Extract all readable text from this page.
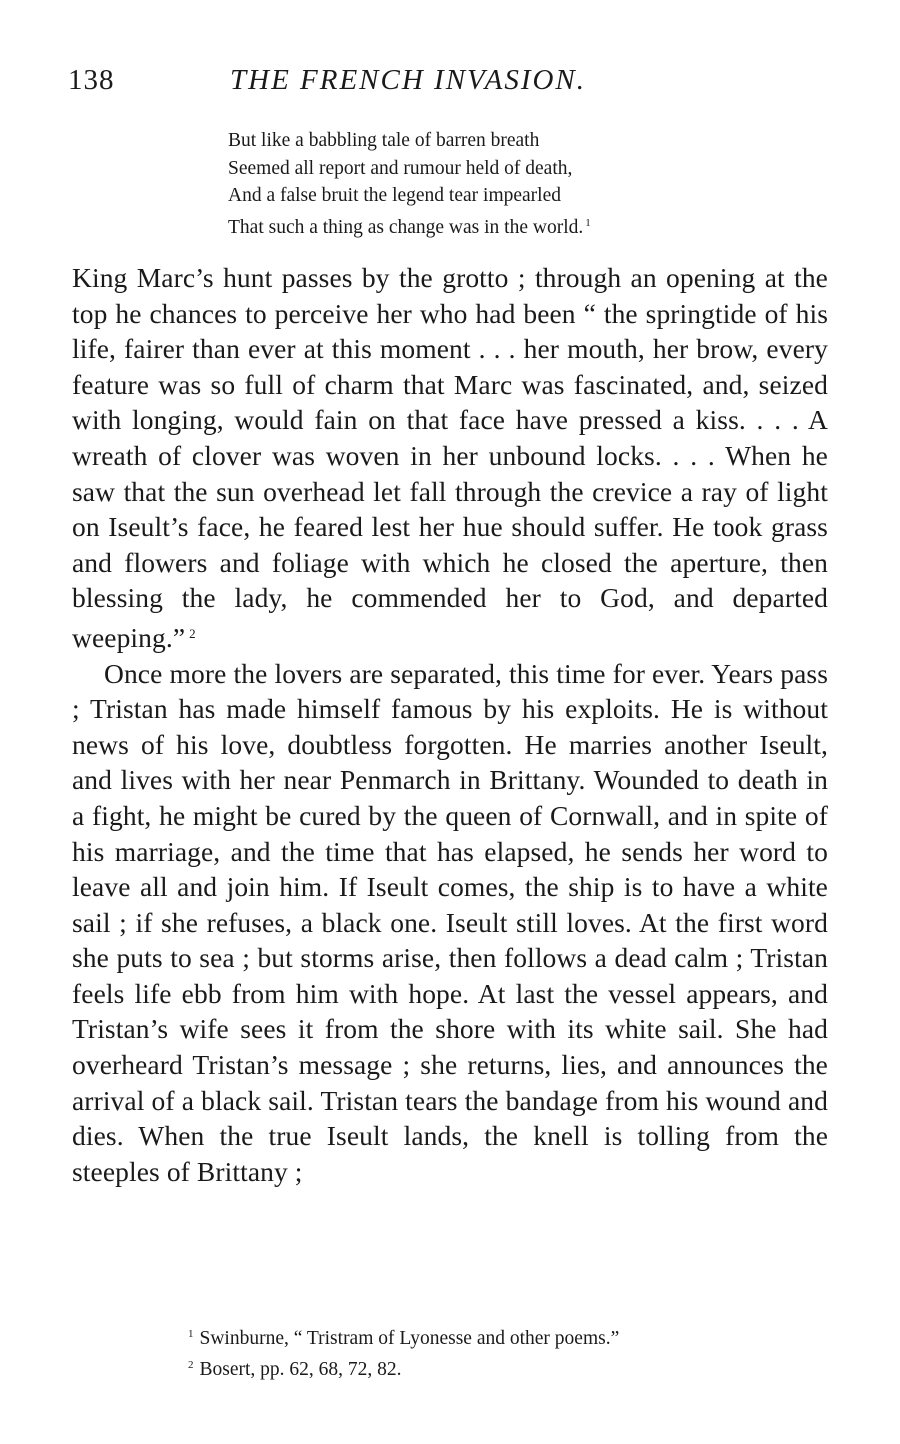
138	THE FRENCH INVASION.
But like a babbling tale of barren breath
Seemed all report and rumour held of death,
And a false bruit the legend tear impearled
That such a thing as change was in the world. $^1$

King Marc’s hunt passes by the grotto ; through an opening at the top he chances to perceive her who had been “ the springtide of his life, fairer than ever at this moment . . . her mouth, her brow, every feature was so full of charm that Marc was fascinated, and, seized with longing, would fain on that face have pressed a kiss. . . . A wreath of clover was woven in her unbound locks. . . . When he saw that the sun overhead let fall through the crevice a ray of light on Iseult’s face, he feared lest her hue should suffer. He took grass and flowers and foliage with which he closed the aperture, then blessing the lady, he commended her to God, and departed weeping.” $^2$

Once more the lovers are separated, this time for ever. Years pass ; Tristan has made himself famous by his exploits. He is without news of his love, doubtless forgotten. He marries another Iseult, and lives with her near Penmarch in Brittany. Wounded to death in a fight, he might be cured by the queen of Cornwall, and in spite of his marriage, and the time that has elapsed, he sends her word to leave all and join him. If Iseult comes, the ship is to have a white sail ; if she refuses, a black one. Iseult still loves. At the first word she puts to sea ; but storms arise, then follows a dead calm ; Tristan feels life ebb from him with hope. At last the vessel appears, and Tristan’s wife sees it from the shore with its white sail. She had overheard Tristan’s message ; she returns, lies, and announces the arrival of a black sail. Tristan tears the bandage from his wound and dies. When the true Iseult lands, the knell is tolling from the steeples of Brittany ;

$^1$ Swinburne, “ Tristram of Lyonesse and other poems.”
$^2$ Bosert, pp. 62, 68, 72, 82.
